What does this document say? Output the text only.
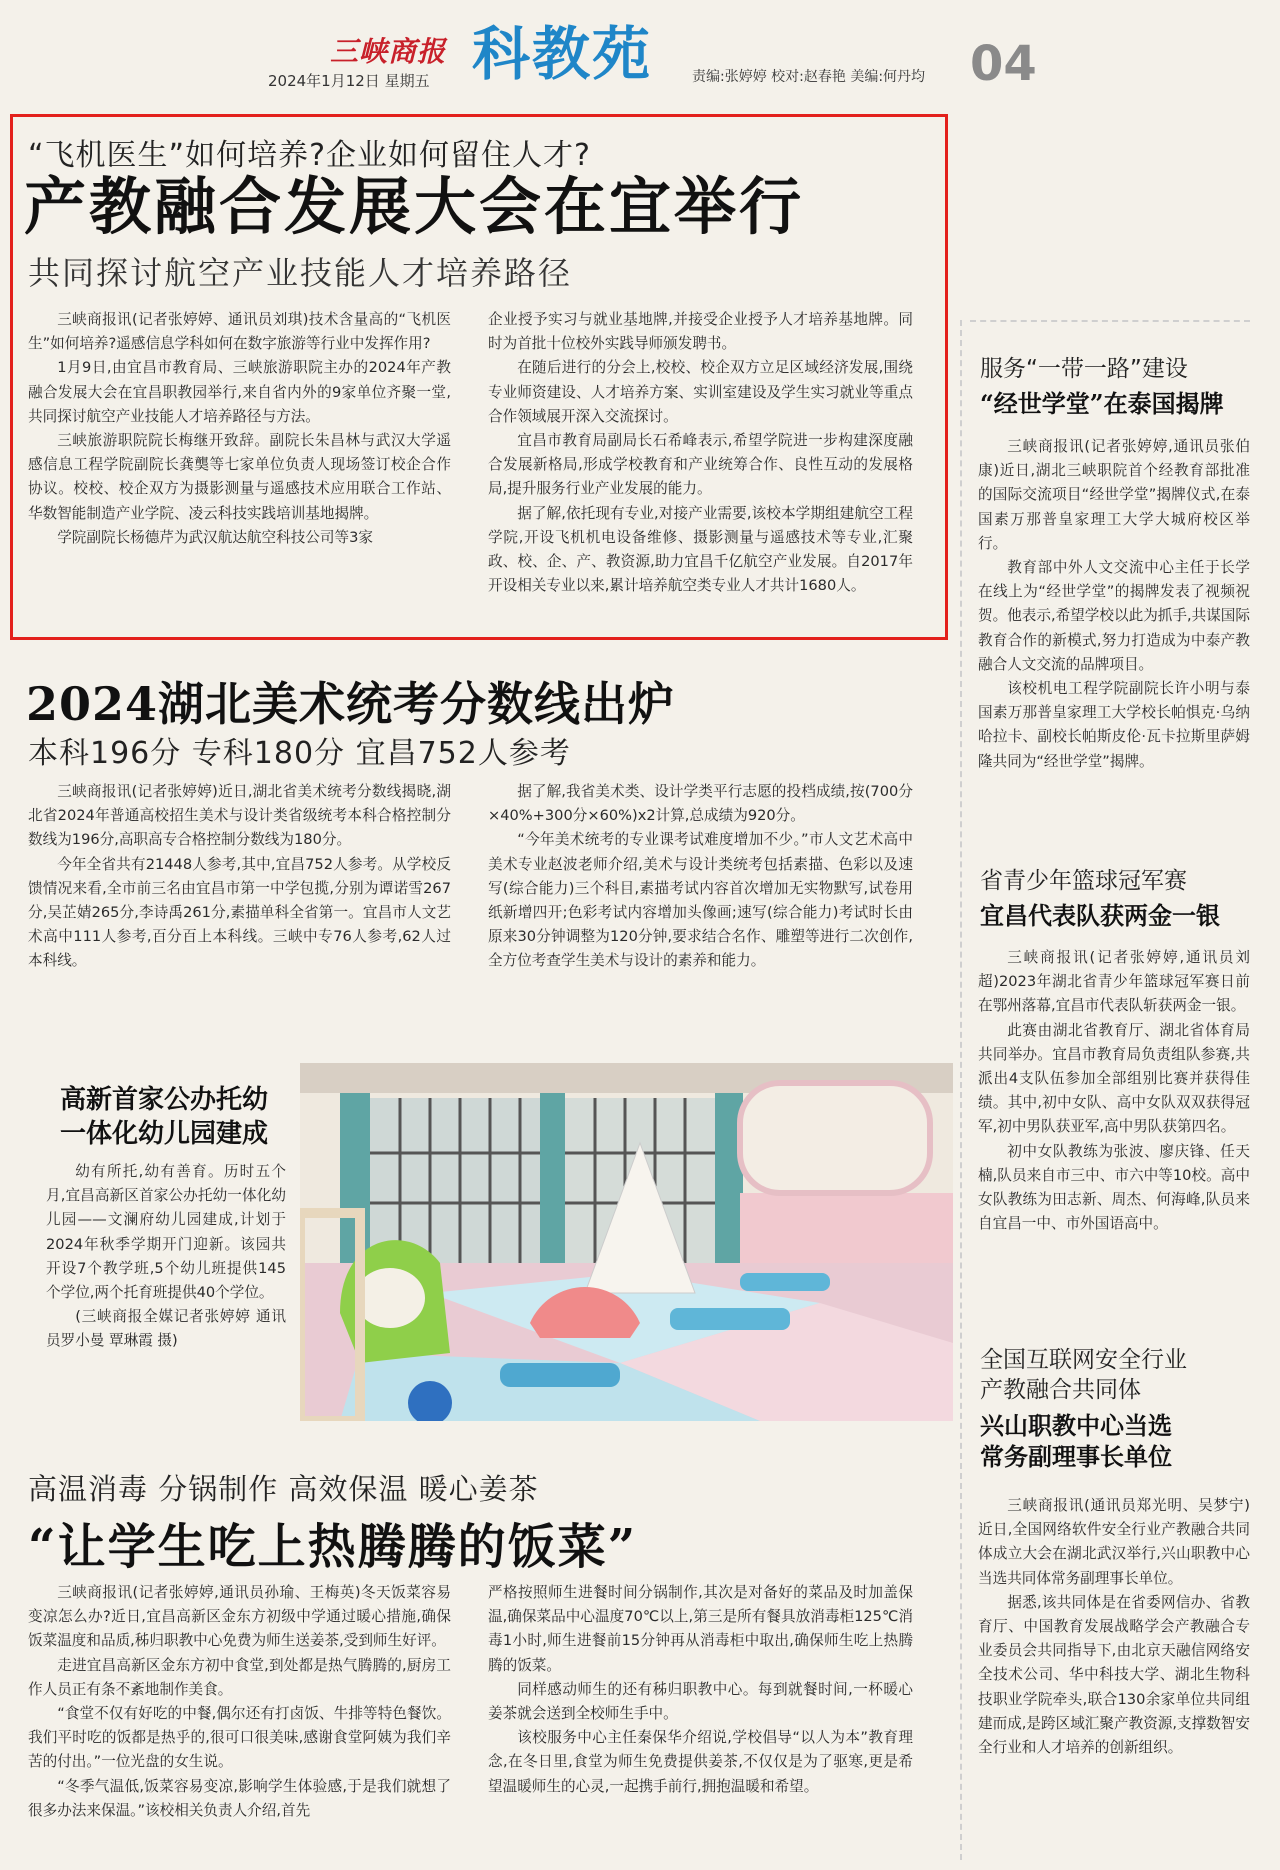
三峡商报
2024年1月12日 星期五 科教苑	责编:张婷婷 校对:赵春艳 美编:何丹均 04
“飞机医生”如何培养?企业如何留住人才?
产教融合发展大会在宜举行
共同探讨航空产业技能人才培养路径

三峡商报讯(记者张婷婷、通讯员刘琪)技术含量高的“飞机医生”如何培养?遥感信息学科如何在数字旅游等行业中发挥作用?

1月9日,由宜昌市教育局、三峡旅游职院主办的2024年产教融合发展大会在宜昌职教园举行,来自省内外的9家单位齐聚一堂,共同探讨航空产业技能人才培养路径与方法。

三峡旅游职院院长梅继开致辞。副院长朱昌林与武汉大学遥感信息工程学院副院长龚龑等七家单位负责人现场签订校企合作协议。校校、校企双方为摄影测量与遥感技术应用联合工作站、华数智能制造产业学院、凌云科技实践培训基地揭牌。

学院副院长杨德芹为武汉航达航空科技公司等3家

企业授予实习与就业基地牌,并接受企业授予人才培养基地牌。同时为首批十位校外实践导师颁发聘书。

在随后进行的分会上,校校、校企双方立足区域经济发展,围绕专业师资建设、人才培养方案、实训室建设及学生实习就业等重点合作领域展开深入交流探讨。

宜昌市教育局副局长石希峰表示,希望学院进一步构建深度融合发展新格局,形成学校教育和产业统筹合作、良性互动的发展格局,提升服务行业产业发展的能力。

据了解,依托现有专业,对接产业需要,该校本学期组建航空工程学院,开设飞机机电设备维修、摄影测量与遥感技术等专业,汇聚政、校、企、产、教资源,助力宜昌千亿航空产业发展。自2017年开设相关专业以来,累计培养航空类专业人才共计1680人。

2024湖北美术统考分数线出炉
本科196分 专科180分 宜昌752人参考

三峡商报讯(记者张婷婷)近日,湖北省美术统考分数线揭晓,湖北省2024年普通高校招生美术与设计类省级统考本科合格控制分数线为196分,高职高专合格控制分数线为180分。

今年全省共有21448人参考,其中,宜昌752人参考。从学校反馈情况来看,全市前三名由宜昌市第一中学包揽,分别为谭诺雪267分,吴芷婧265分,李诗禹261分,素描单科全省第一。宜昌市人文艺术高中111人参考,百分百上本科线。三峡中专76人参考,62人过本科线。

据了解,我省美术类、设计学类平行志愿的投档成绩,按(700分×40%+300分×60%)x2计算,总成绩为920分。

“今年美术统考的专业课考试难度增加不少。”市人文艺术高中美术专业赵波老师介绍,美术与设计类统考包括素描、色彩以及速写(综合能力)三个科目,素描考试内容首次增加无实物默写,试卷用纸新增四开;色彩考试内容增加头像画;速写(综合能力)考试时长由原来30分钟调整为120分钟,要求结合名作、雕塑等进行二次创作,全方位考查学生美术与设计的素养和能力。

高新首家公办托幼
一体化幼儿园建成

幼有所托,幼有善育。历时五个月,宜昌高新区首家公办托幼一体化幼儿园——文澜府幼儿园建成,计划于2024年秋季学期开门迎新。该园共开设7个教学班,5个幼儿班提供145个学位,两个托育班提供40个学位。

(三峡商报全媒记者张婷婷 通讯员罗小曼 覃琳霞 摄)

高温消毒 分锅制作 高效保温 暖心姜茶
“让学生吃上热腾腾的饭菜”

三峡商报讯(记者张婷婷,通讯员孙瑜、王梅英)冬天饭菜容易变凉怎么办?近日,宜昌高新区金东方初级中学通过暖心措施,确保饭菜温度和品质,秭归职教中心免费为师生送姜茶,受到师生好评。

走进宜昌高新区金东方初中食堂,到处都是热气腾腾的,厨房工作人员正有条不紊地制作美食。

“食堂不仅有好吃的中餐,偶尔还有打卤饭、牛排等特色餐饮。我们平时吃的饭都是热乎的,很可口很美味,感谢食堂阿姨为我们辛苦的付出。”一位光盘的女生说。

“冬季气温低,饭菜容易变凉,影响学生体验感,于是我们就想了很多办法来保温。”该校相关负责人介绍,首先

严格按照师生进餐时间分锅制作,其次是对备好的菜品及时加盖保温,确保菜品中心温度70℃以上,第三是所有餐具放消毒柜125℃消毒1小时,师生进餐前15分钟再从消毒柜中取出,确保师生吃上热腾腾的饭菜。

同样感动师生的还有秭归职教中心。每到就餐时间,一杯暖心姜茶就会送到全校师生手中。

该校服务中心主任秦保华介绍说,学校倡导“以人为本”教育理念,在冬日里,食堂为师生免费提供姜茶,不仅仅是为了驱寒,更是希望温暖师生的心灵,一起携手前行,拥抱温暖和希望。

服务“一带一路”建设
“经世学堂”在泰国揭牌

三峡商报讯(记者张婷婷,通讯员张伯康)近日,湖北三峡职院首个经教育部批准的国际交流项目“经世学堂”揭牌仪式,在泰国素万那普皇家理工大学大城府校区举行。

教育部中外人文交流中心主任于长学在线上为“经世学堂”的揭牌发表了视频祝贺。他表示,希望学校以此为抓手,共谋国际教育合作的新模式,努力打造成为中泰产教融合人文交流的品牌项目。

该校机电工程学院副院长许小明与泰国素万那普皇家理工大学校长帕惧克·乌纳哈拉卡、副校长帕斯皮伦·瓦卡拉斯里萨姆隆共同为“经世学堂”揭牌。

省青少年篮球冠军赛
宜昌代表队获两金一银

三峡商报讯(记者张婷婷,通讯员刘超)2023年湖北省青少年篮球冠军赛日前在鄂州落幕,宜昌市代表队斩获两金一银。

此赛由湖北省教育厅、湖北省体育局共同举办。宜昌市教育局负责组队参赛,共派出4支队伍参加全部组别比赛并获得佳绩。其中,初中女队、高中女队双双获得冠军,初中男队获亚军,高中男队获第四名。

初中女队教练为张波、廖庆锋、任天楠,队员来自市三中、市六中等10校。高中女队教练为田志新、周杰、何海峰,队员来自宜昌一中、市外国语高中。

全国互联网安全行业
产教融合共同体
兴山职教中心当选
常务副理事长单位

三峡商报讯(通讯员郑光明、吴梦宁)近日,全国网络软件安全行业产教融合共同体成立大会在湖北武汉举行,兴山职教中心当选共同体常务副理事长单位。

据悉,该共同体是在省委网信办、省教育厅、中国教育发展战略学会产教融合专业委员会共同指导下,由北京天融信网络安全技术公司、华中科技大学、湖北生物科技职业学院牵头,联合130余家单位共同组建而成,是跨区域汇聚产教资源,支撑数智安全行业和人才培养的创新组织。
